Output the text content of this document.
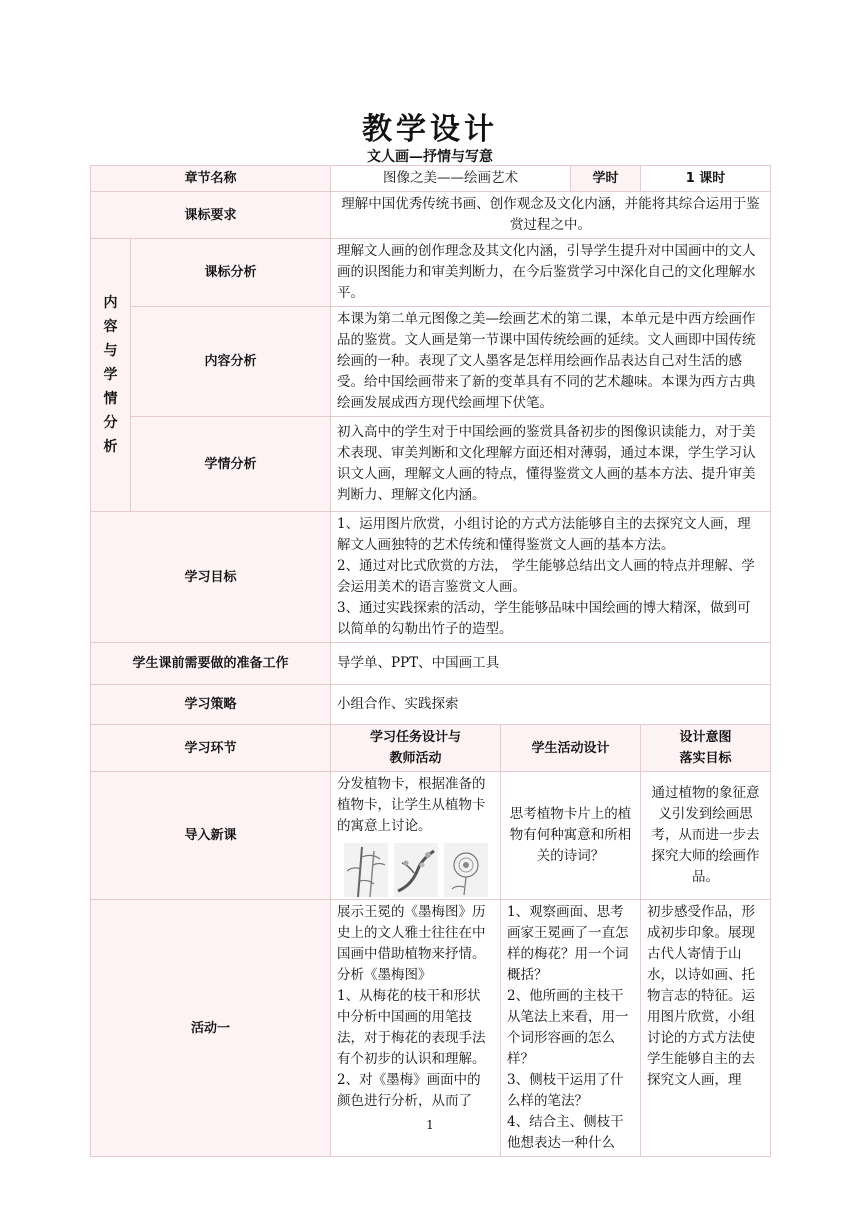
教学设计

文人画—抒情与写意

章节名称		图像之美——绘画艺术		学时	1 课时
课标要求		理解中国优秀传统书画、创作观念及文化内涵，并能将其综合运用于鉴赏过程之中。			

内容与学情分析	课标分析	理解文人画的创作理念及其文化内涵，引导学生提升对中国画中的文人画的识图能力和审美判断力，在今后鉴赏学习中深化自己的文化理解水平。			
	内容分析	本课为第二单元图像之美—绘画艺术的第二课，本单元是中西方绘画作品的鉴赏。文人画是第一节课中国传统绘画的延续。文人画即中国传统绘画的一种。表现了文人墨客是怎样用绘画作品表达自己对生活的感受。给中国绘画带来了新的变革具有不同的艺术趣味。本课为西方古典绘画发展成西方现代绘画埋下伏笔。			
	学情分析	初入高中的学生对于中国绘画的鉴赏具备初步的图像识读能力，对于美术表现、审美判断和文化理解方面还相对薄弱，通过本课，学生学习认识文人画，理解文人画的特点，懂得鉴赏文人画的基本方法、提升审美判断力、理解文化内涵。			
学习目标		1、运用图片欣赏，小组讨论的方式方法能够自主的去探究文人画，理解文人画独特的艺术传统和懂得鉴赏文人画的基本方法。
2、通过对比式欣赏的方法， 学生能够总结出文人画的特点并理解、学会运用美术的语言鉴赏文人画。
3、通过实践探索的活动，学生能够品味中国绘画的博大精深，做到可以简单的勾勒出竹子的造型。			

学生课前需要做的准备工作		导学单、PPT、中国画工具			
学习策略		小组合作、实践探索			
学习环节		学习任务设计与
教师活动	学生活动设计		设计意图
落实目标

导入新课		分发植物卡，根据准备的植物卡，让学生从植物卡的寓意上讨论。	思考植物卡片上的植物有何种寓意和所相关的诗词？		通过植物的象征意义引发到绘画思考，从而进一步去探究大师的绘画作品。
活动一		展示王冕的《墨梅图》历史上的文人雅士往往在中国画中借助植物来抒情。
分析《墨梅图》
1、从梅花的枝干和形状中分析中国画的用笔技法，对于梅花的表现手法有个初步的认识和理解。
2、对《墨梅》画面中的颜色进行分析，从而了	1、观察画面、思考画家王冕画了一直怎样的梅花？用一个词概括？
2、他所画的主枝干从笔法上来看，用一个词形容画的怎么样？
3、侧枝干运用了什么样的笔法？
4、结合主、侧枝干他想表达一种什么		初步感受作品，形成初步印象。展现古代人寄情于山水，以诗如画、托物言志的特征。运用图片欣赏，小组讨论的方式方法使学生能够自主的去探究文人画，理
1
